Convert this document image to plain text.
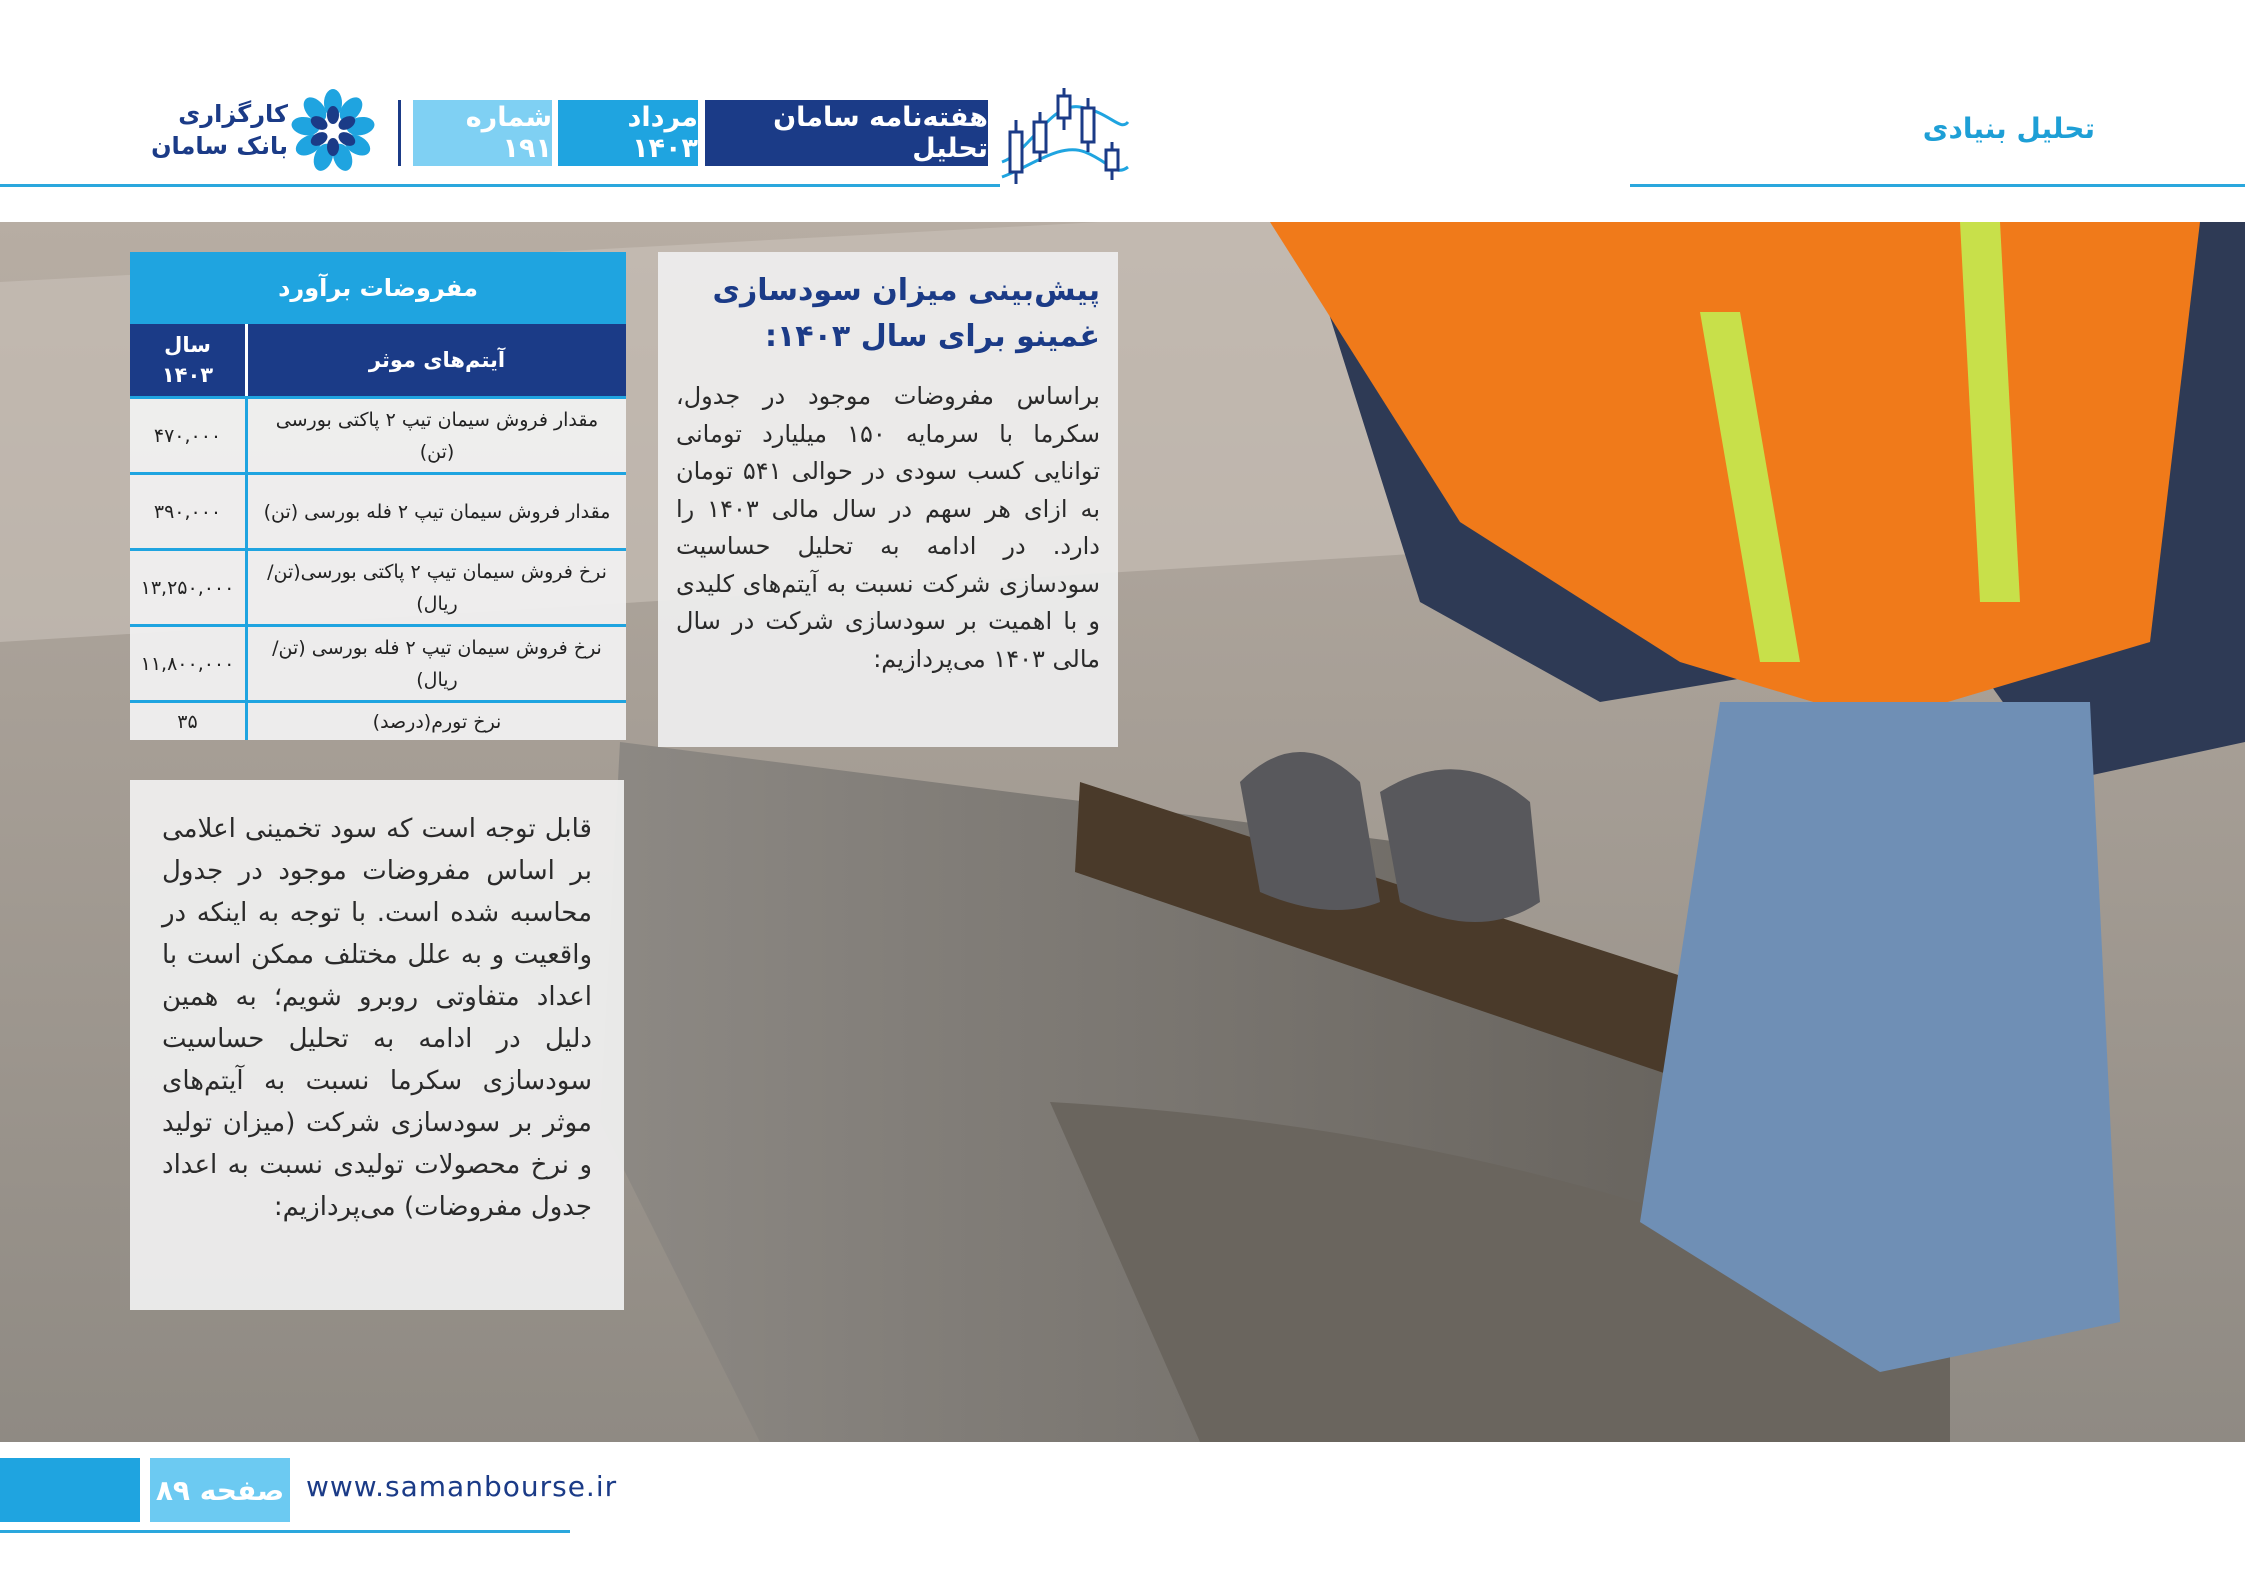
تحلیل بنیادی
هفته‌نامه سامان تحلیل
مرداد ۱۴۰۳
شماره ۱۹۱
کارگزاری
بانک سامان
پیش‌بینی میزان سودسازی غمینو برای سال ۱۴۰۳:

براساس مفروضات موجود در جدول، سکرما با سرمایه ۱۵۰ میلیارد تومانی توانایی کسب سودی در حوالی ۵۴۱ تومان به ازای هر سهم در سال مالی ۱۴۰۳ را دارد. در ادامه به تحلیل حساسیت سودسازی شرکت نسبت به آیتم‌های کلیدی و با اهمیت بر سودسازی شرکت در سال مالی ۱۴۰۳ می‌پردازیم:

مفروضات برآورد
سال
۱۴۰۳
آیتم‌های موثر
۴۷۰,۰۰۰
مقدار فروش سیمان تیپ ۲ پاکتی بورسی (تن)
۳۹۰,۰۰۰	مقدار فروش سیمان تیپ ۲ فله بورسی (تن)
۱۳,۲۵۰,۰۰۰
نرخ فروش سیمان تیپ ۲ پاکتی بورسی(تن/ریال)
۱۱,۸۰۰,۰۰۰
نرخ فروش سیمان تیپ ۲ فله بورسی (تن/ریال)
۳۵	نرخ تورم(درصد)

قابل توجه است که سود تخمینی اعلامی بر اساس مفروضات موجود در جدول محاسبه شده است. با توجه به اینکه در واقعیت و به علل مختلف ممکن است با اعداد متفاوتی روبرو شویم؛ به همین دلیل در ادامه به تحلیل حساسیت سودسازی سکرما نسبت به آیتم‌های موثر بر سودسازی شرکت (میزان تولید و نرخ محصولات تولیدی نسبت به اعداد جدول مفروضات) می‌پردازیم:

صفحه ۸۹ www.samanbourse.ir
